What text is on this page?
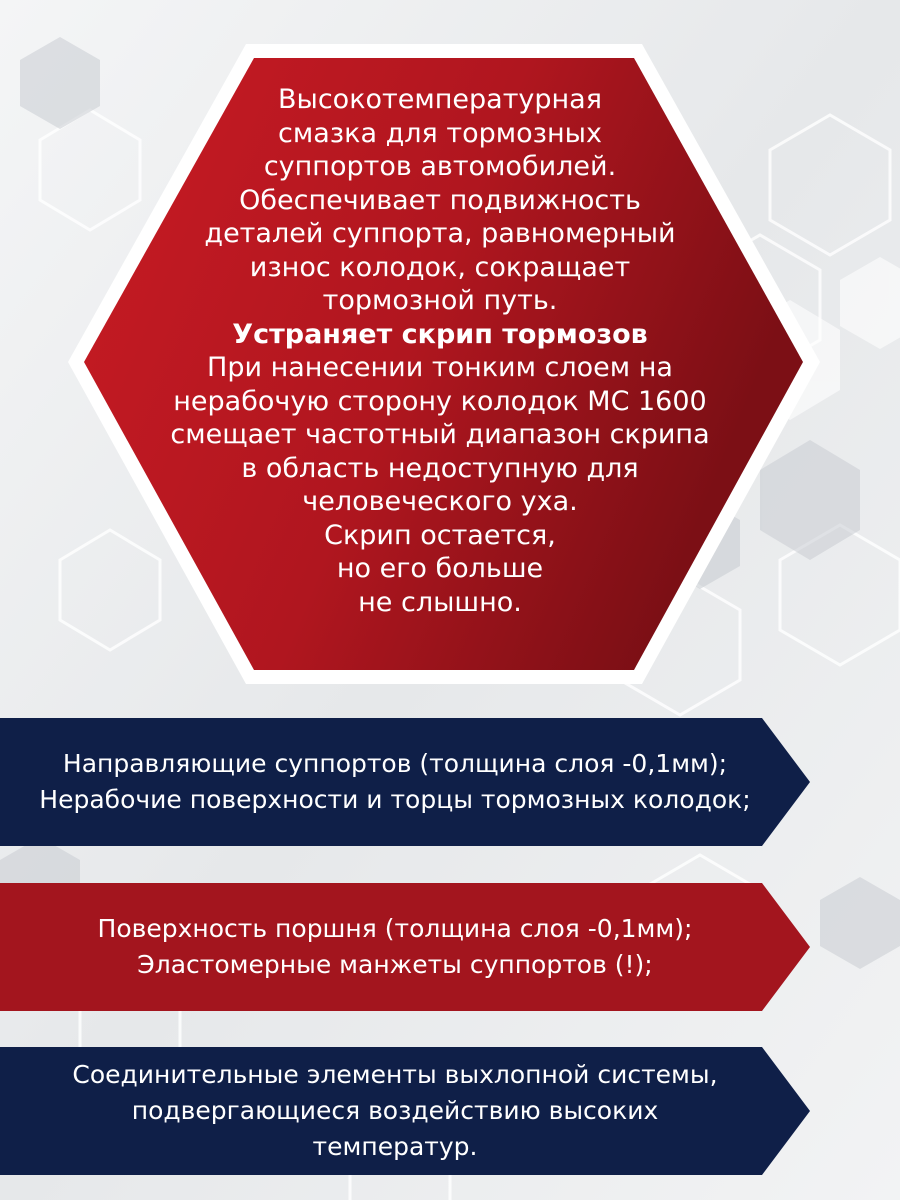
Высокотемпературная

смазка для тормозных

суппортов автомобилей.

Обеспечивает подвижность

деталей суппорта, равномерный

износ колодок, сокращает

тормозной путь.

Устраняет скрип тормозов

При нанесении тонким слоем на

нерабочую сторону колодок МС 1600

смещает частотный диапазон скрипа

в область недоступную для

человеческого уха.

Скрип остается,

но его больше

не слышно.

Направляющие суппортов (толщина слоя -0,1мм);
Нерабочие поверхности и торцы тормозных колодок;
Поверхность поршня (толщина слоя -0,1мм);
Эластомерные манжеты суппортов (!);
Соединительные элементы выхлопной системы,
подвергающиеся воздействию высоких
температур.
